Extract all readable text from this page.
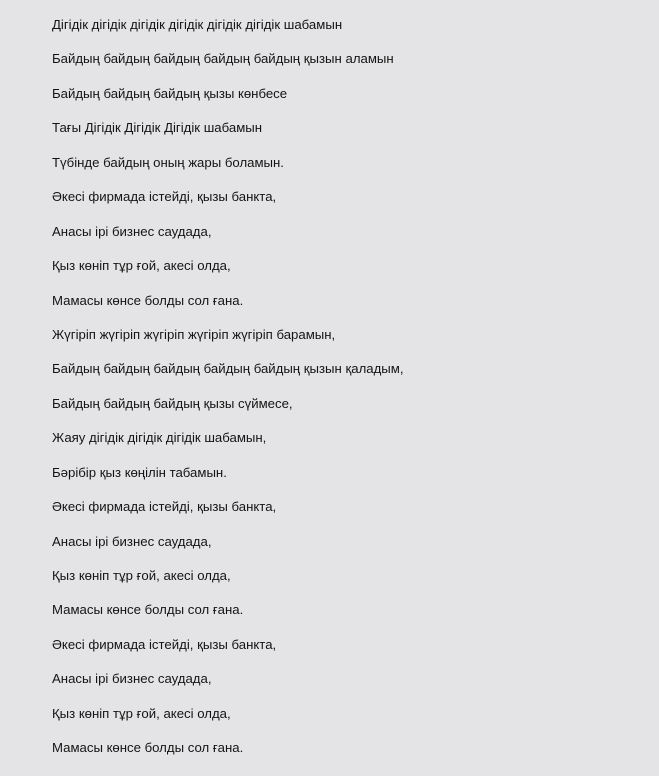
Дігідік дігідік дігідік дігідік дігідік дігідік шабамын
Байдың байдың байдың байдың байдың қызын аламын
Байдың байдың байдың қызы көнбесе
Тағы Дігідік Дігідік Дігідік шабамын
Түбінде байдың оның жары боламын.
Әкесі фирмада істейді, қызы банкта,
Анасы ірі бизнес саудада,
Қыз көніп тұр ғой, акесі олда,
Мамасы көнсе болды сол ғана.
Жүгіріп жүгіріп жүгіріп жүгіріп жүгіріп барамын,
Байдың байдың байдың байдың байдың қызын қаладым,
Байдың байдың байдың қызы сүймесе,
Жаяу дігідік дігідік дігідік шабамын,
Бәрібір қыз көңілін табамын.
Әкесі фирмада істейді, қызы банкта,
Анасы ірі бизнес саудада,
Қыз көніп тұр ғой, акесі олда,
Мамасы көнсе болды сол ғана.
Әкесі фирмада істейді, қызы банкта,
Анасы ірі бизнес саудада,
Қыз көніп тұр ғой, акесі олда,
Мамасы көнсе болды сол ғана.
